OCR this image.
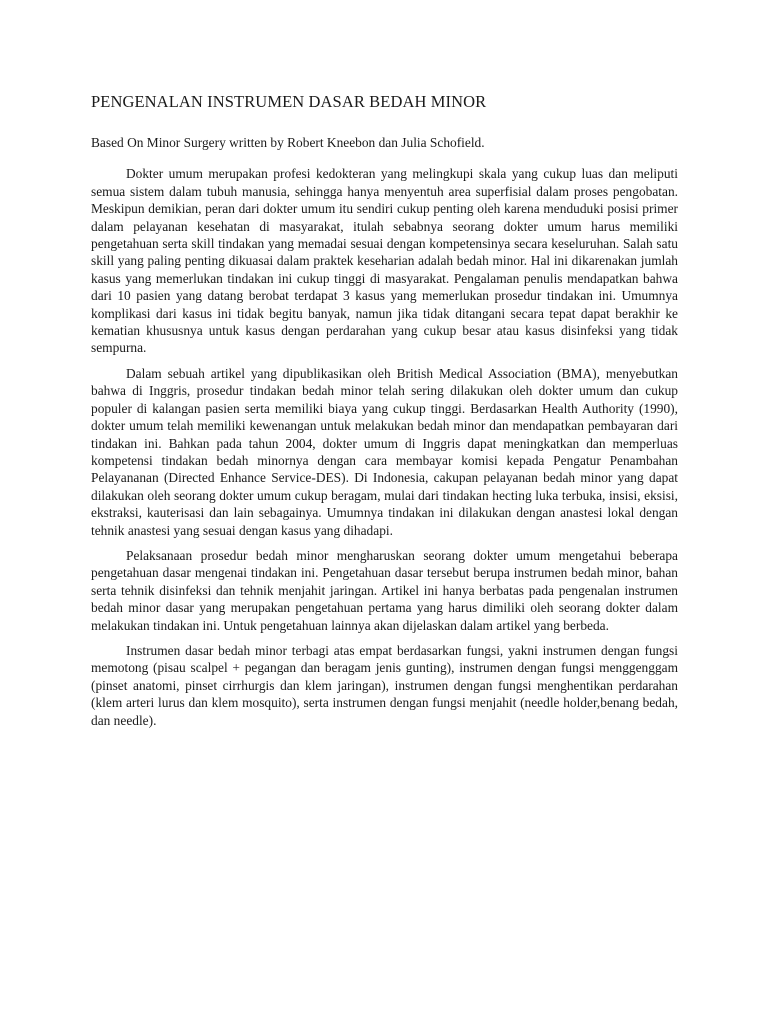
PENGENALAN INSTRUMEN DASAR BEDAH MINOR

Based On Minor Surgery written by Robert Kneebon dan Julia Schofield.

Dokter umum merupakan profesi kedokteran yang melingkupi skala yang cukup luas dan meliputi semua sistem dalam tubuh manusia, sehingga hanya menyentuh area superfisial dalam proses pengobatan. Meskipun demikian, peran dari dokter umum itu sendiri cukup penting oleh karena menduduki posisi primer dalam pelayanan kesehatan di masyarakat, itulah sebabnya seorang dokter umum harus memiliki pengetahuan serta skill tindakan yang memadai sesuai dengan kompetensinya secara keseluruhan. Salah satu skill yang paling penting dikuasai dalam praktek keseharian adalah bedah minor. Hal ini dikarenakan jumlah kasus yang memerlukan tindakan ini cukup tinggi di masyarakat. Pengalaman penulis mendapatkan bahwa dari 10 pasien yang datang berobat terdapat 3 kasus yang memerlukan prosedur tindakan ini. Umumnya komplikasi dari kasus ini tidak begitu banyak, namun jika tidak ditangani secara tepat dapat berakhir ke kematian khususnya untuk kasus dengan perdarahan yang cukup besar atau kasus disinfeksi yang tidak sempurna.

Dalam sebuah artikel yang dipublikasikan oleh British Medical Association (BMA), menyebutkan bahwa di Inggris, prosedur tindakan bedah minor telah sering dilakukan oleh dokter umum dan cukup populer di kalangan pasien serta memiliki biaya yang cukup tinggi. Berdasarkan Health Authority (1990), dokter umum telah memiliki kewenangan untuk melakukan bedah minor dan mendapatkan pembayaran dari tindakan ini. Bahkan pada tahun 2004, dokter umum di Inggris dapat meningkatkan dan memperluas kompetensi tindakan bedah minornya dengan cara membayar komisi kepada Pengatur Penambahan Pelayananan (Directed Enhance Service-DES). Di Indonesia, cakupan pelayanan bedah minor yang dapat dilakukan oleh seorang dokter umum cukup beragam, mulai dari tindakan hecting luka terbuka, insisi, eksisi, ekstraksi, kauterisasi dan lain sebagainya. Umumnya tindakan ini dilakukan dengan anastesi lokal dengan tehnik anastesi yang sesuai dengan kasus yang dihadapi.

Pelaksanaan prosedur bedah minor mengharuskan seorang dokter umum mengetahui beberapa pengetahuan dasar mengenai tindakan ini. Pengetahuan dasar tersebut berupa instrumen bedah minor, bahan serta tehnik disinfeksi dan tehnik menjahit jaringan. Artikel ini hanya berbatas pada pengenalan instrumen bedah minor dasar yang merupakan pengetahuan pertama yang harus dimiliki oleh seorang dokter dalam melakukan tindakan ini. Untuk pengetahuan lainnya akan dijelaskan dalam artikel yang berbeda.

Instrumen dasar bedah minor terbagi atas empat berdasarkan fungsi, yakni instrumen dengan fungsi memotong (pisau scalpel + pegangan dan beragam jenis gunting), instrumen dengan fungsi menggenggam (pinset anatomi, pinset cirrhurgis dan klem jaringan), instrumen dengan fungsi menghentikan perdarahan (klem arteri lurus dan klem mosquito), serta instrumen dengan fungsi menjahit (needle holder,benang bedah, dan needle).
